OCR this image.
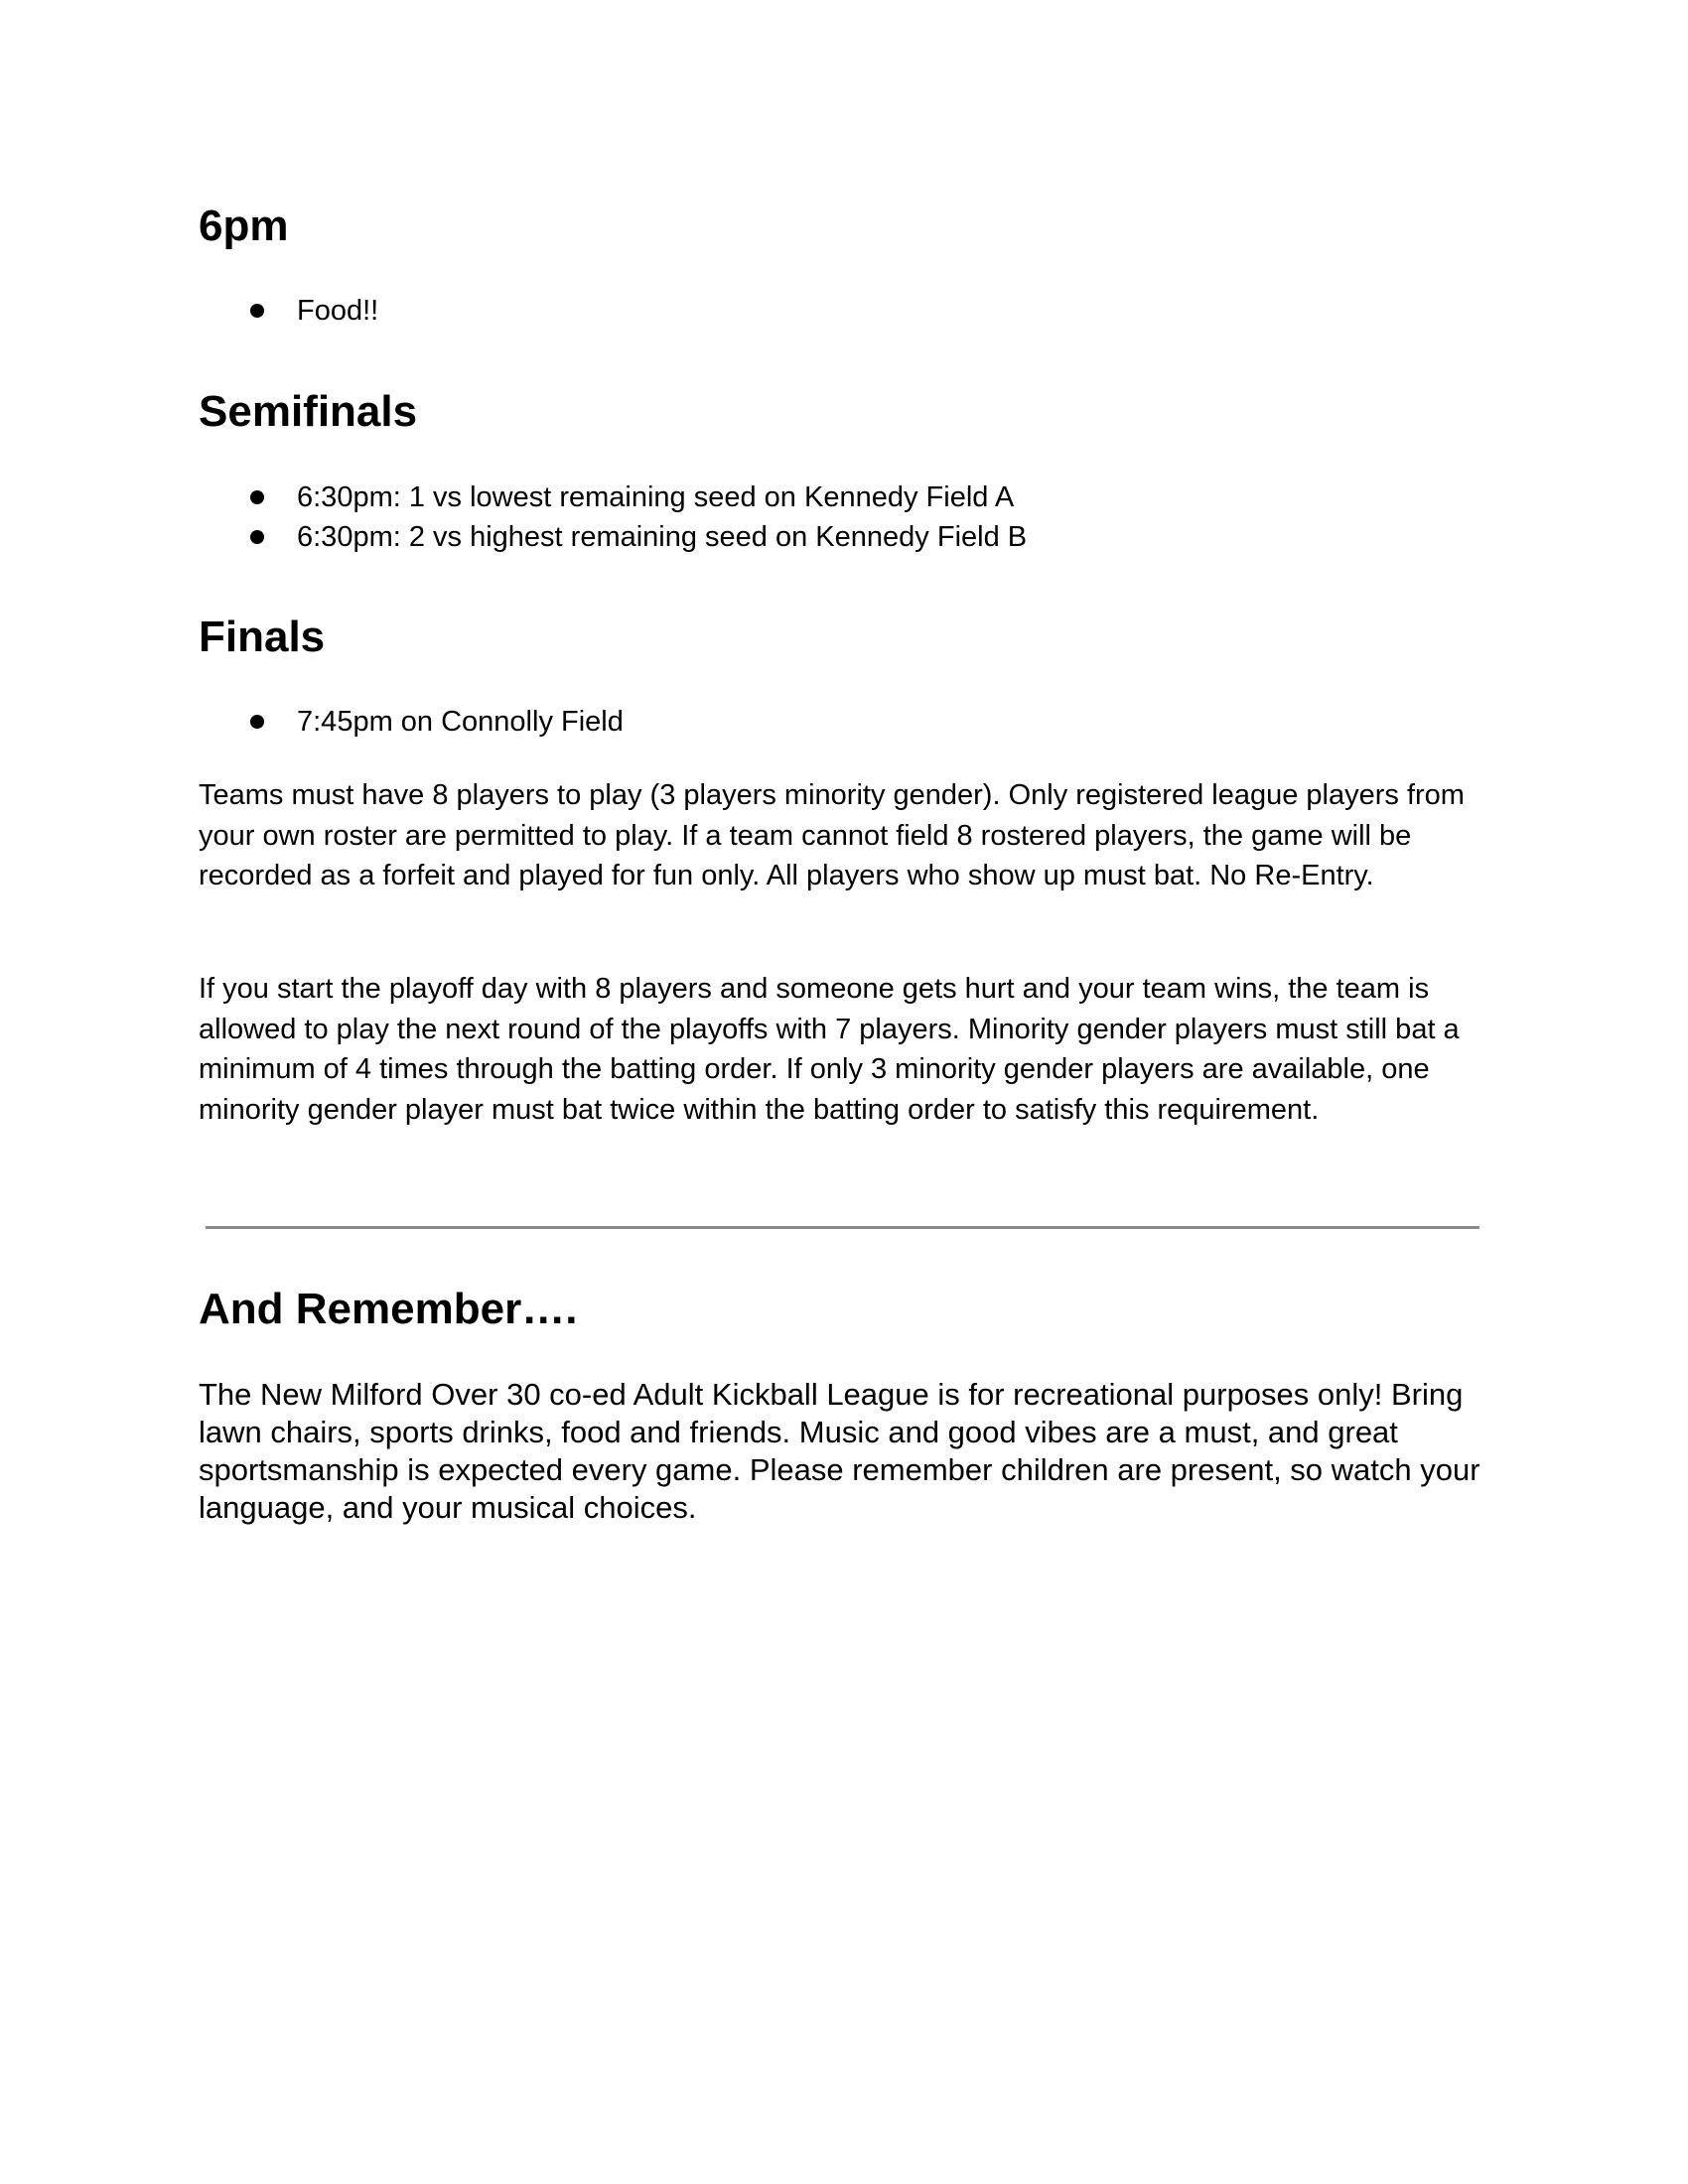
6pm
Food!!
Semifinals
6:30pm: 1 vs lowest remaining seed on Kennedy Field A
6:30pm: 2 vs highest remaining seed on Kennedy Field B
Finals
7:45pm on Connolly Field

Teams must have 8 players to play (3 players minority gender). Only registered league players from your own roster are permitted to play. If a team cannot field 8 rostered players, the game will be recorded as a forfeit and played for fun only. All players who show up must bat. No Re-Entry.

If you start the playoff day with 8 players and someone gets hurt and your team wins, the team is allowed to play the next round of the playoffs with 7 players. Minority gender players must still bat a minimum of 4 times through the batting order. If only 3 minority gender players are available, one minority gender player must bat twice within the batting order to satisfy this requirement.

And Remember….

The New Milford Over 30 co-ed Adult Kickball League is for recreational purposes only! Bring lawn chairs, sports drinks, food and friends. Music and good vibes are a must, and great sportsmanship is expected every game. Please remember children are present, so watch your language, and your musical choices.
